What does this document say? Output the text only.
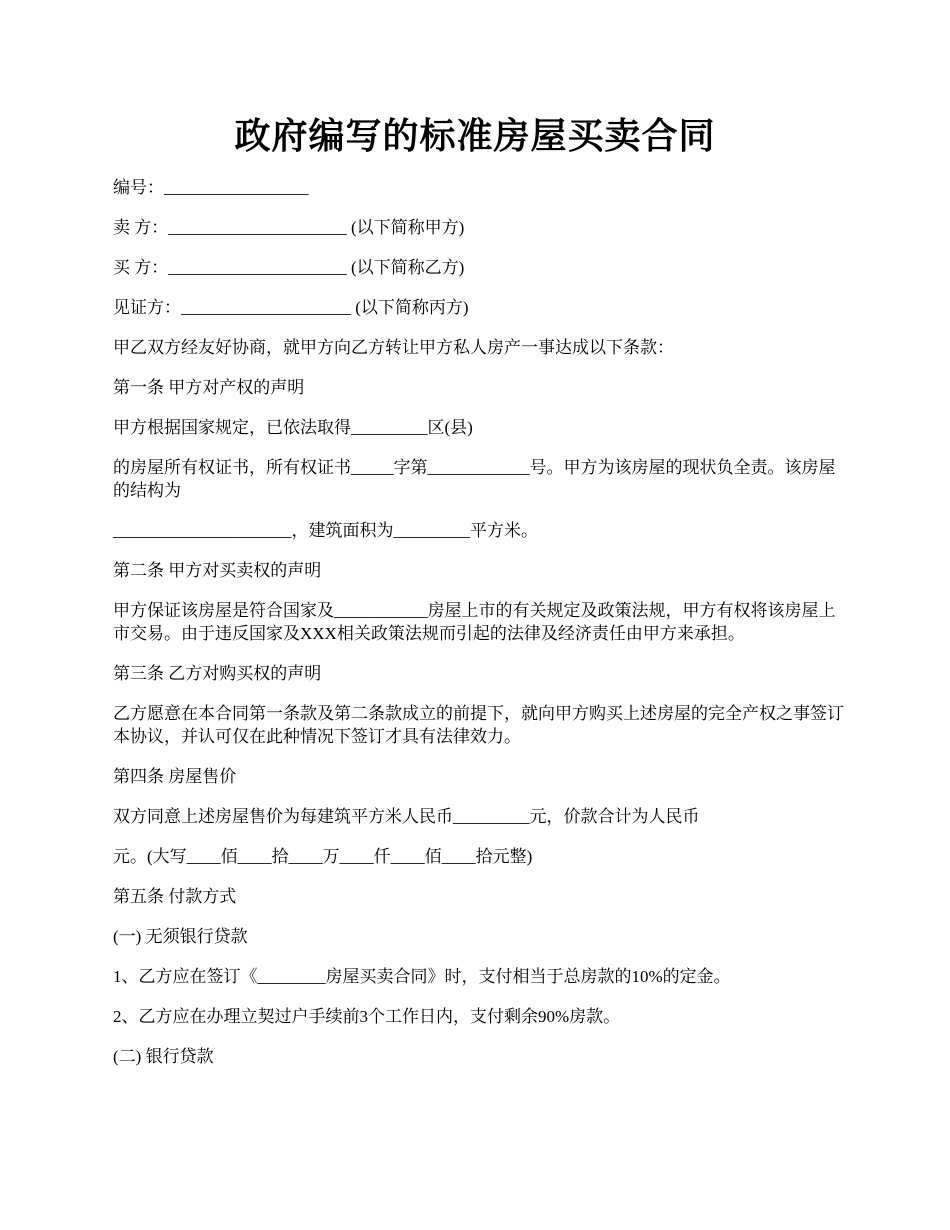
政府编写的标准房屋买卖合同

编号：_________________

卖 方：_____________________ (以下简称甲方)

买 方：_____________________ (以下简称乙方)

见证方：____________________ (以下简称丙方)

甲乙双方经友好协商，就甲方向乙方转让甲方私人房产一事达成以下条款：

第一条 甲方对产权的声明

甲方根据国家规定，已依法取得_________区(县)

的房屋所有权证书，所有权证书_____字第____________号。甲方为该房屋的现状负全责。该房屋的结构为

_____________________，建筑面积为_________平方米。

第二条 甲方对买卖权的声明

甲方保证该房屋是符合国家及___________房屋上市的有关规定及政策法规，甲方有权将该房屋上市交易。由于违反国家及XXX相关政策法规而引起的法律及经济责任由甲方来承担。

第三条 乙方对购买权的声明

乙方愿意在本合同第一条款及第二条款成立的前提下，就向甲方购买上述房屋的完全产权之事签订本协议，并认可仅在此种情况下签订才具有法律效力。

第四条 房屋售价

双方同意上述房屋售价为每建筑平方米人民币_________元，价款合计为人民币

元。(大写____佰____拾____万____仟____佰____拾元整)

第五条 付款方式

(一) 无须银行贷款

1、乙方应在签订《________房屋买卖合同》时，支付相当于总房款的10%的定金。

2、乙方应在办理立契过户手续前3个工作日内，支付剩余90%房款。

(二) 银行贷款
